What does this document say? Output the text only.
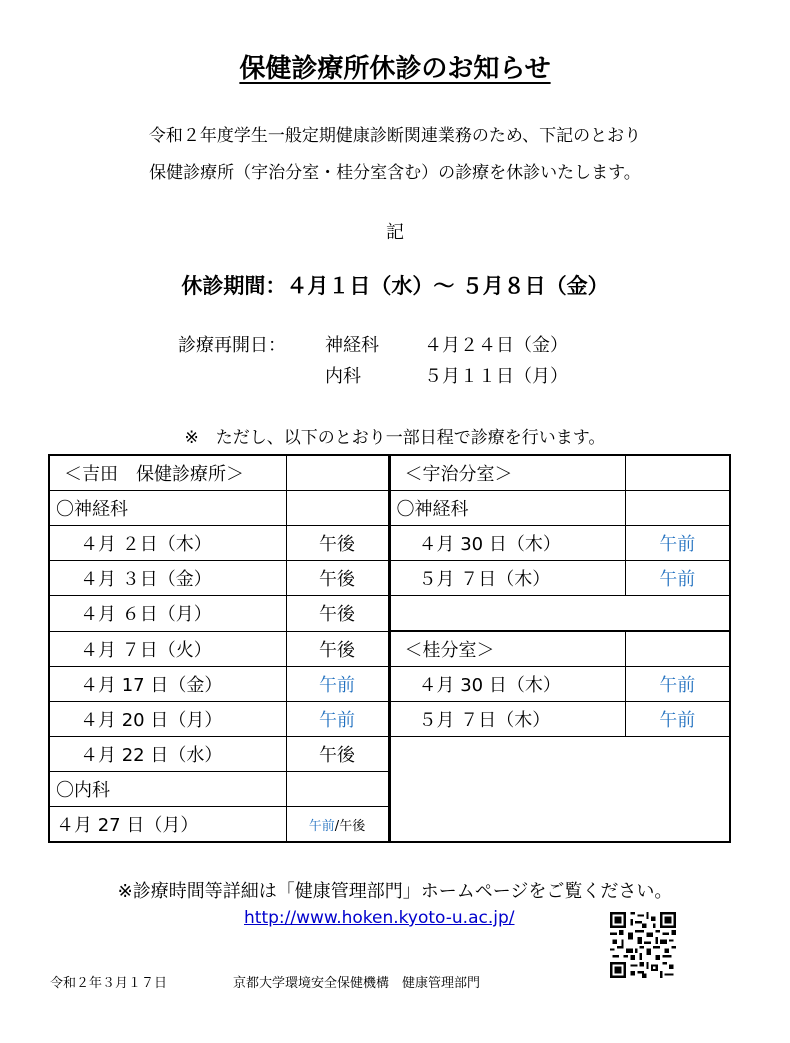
保健診療所休診のお知らせ
令和２年度学生一般定期健康診断関連業務のため、下記のとおり
保健診療所（宇治分室・桂分室含む）の診療を休診いたします。
記
休診期間：４月１日（水）～ ５月８日（金）
診療再開日： 神経科	４月２４日（金）
内科	５月１１日（月）
※　ただし、以下のとおり一部日程で診療を行います。
＜吉田　保健診療所＞		＜宇治分室＞	
〇神経科		〇神経科	
４月 ２日（木）	午後	４月 30 日（木）	午前
４月 ３日（金）	午後	５月 ７日（木）	午前
４月 ６日（月）	午後		
４月 ７日（火）	午後	＜桂分室＞	
４月 17 日（金）	午前	４月 30 日（木）	午前
４月 20 日（月）	午前	５月 ７日（木）	午前
４月 22 日（水）	午後		
〇内科			
４月 27 日（月）	午前/午後		
※診療時間等詳細は「健康管理部門」ホームページをご覧ください。
http://www.hoken.kyoto-u.ac.jp/
令和２年３月１７日	京都大学環境安全保健機構　健康管理部門
